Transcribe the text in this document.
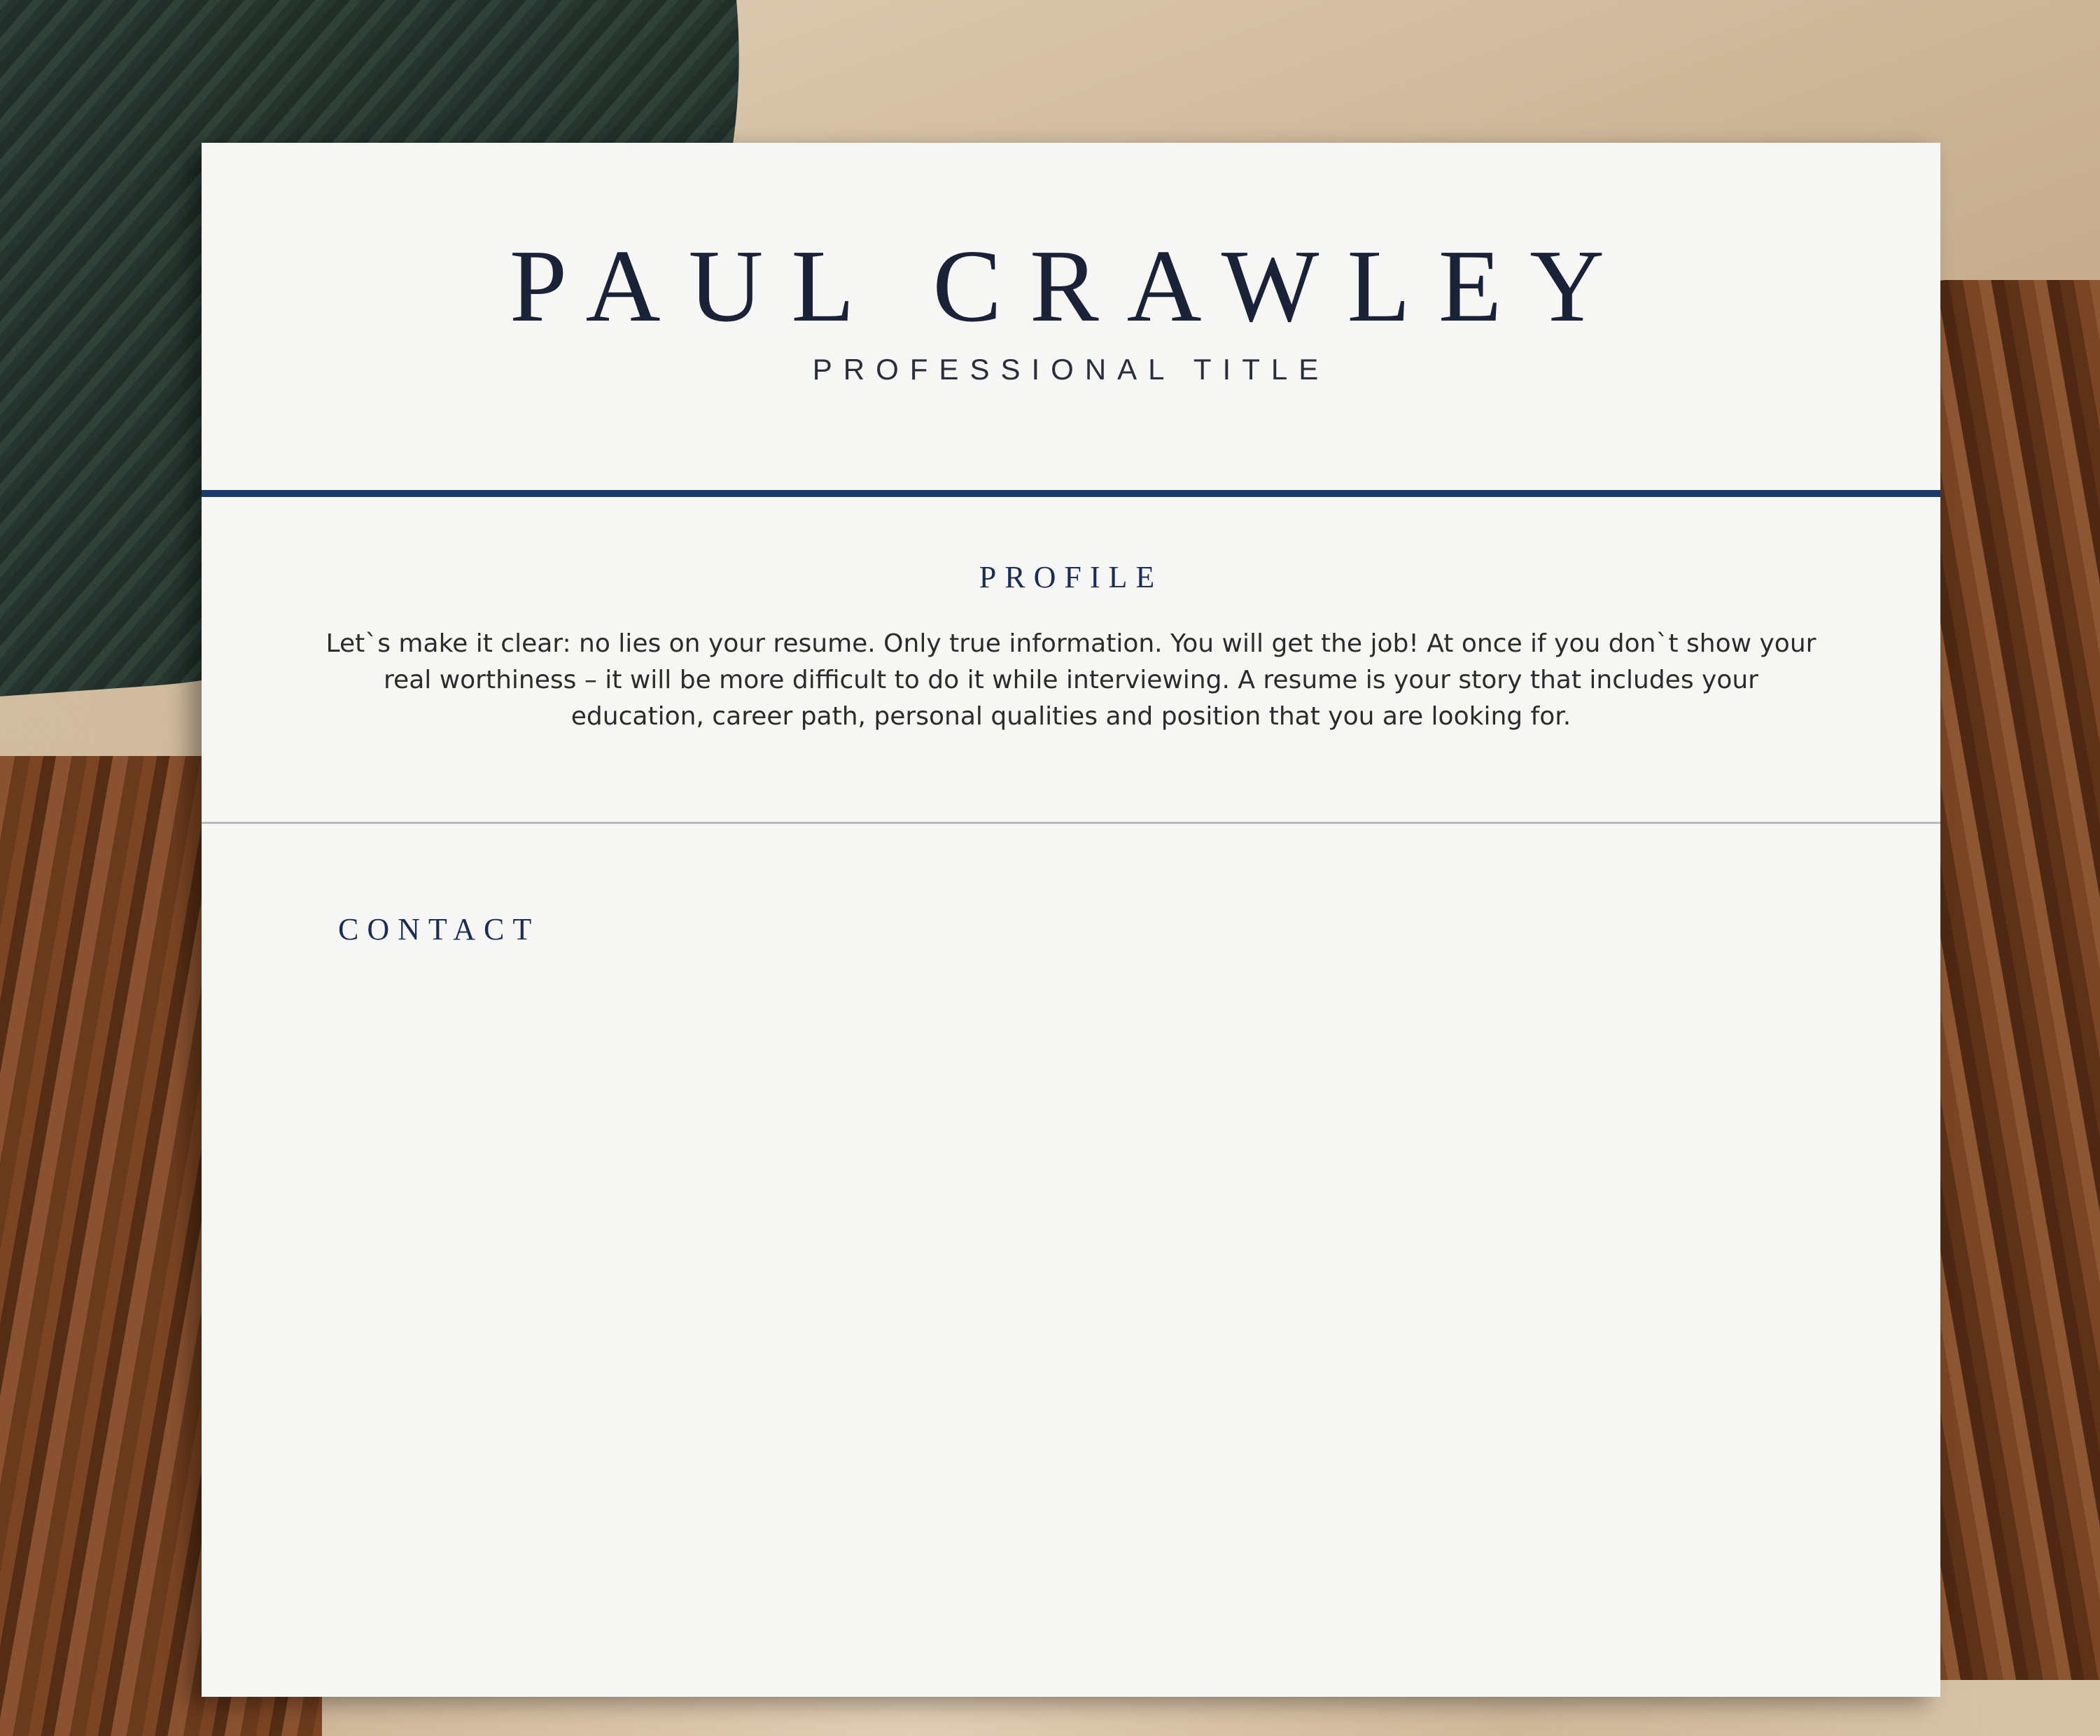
PAUL CRAWLEY
PROFESSIONAL TITLE
PROFILE
Let`s make it clear: no lies on your resume. Only true information. You will get the job! At once if you don`t show your real worthiness – it will be more difficult to do it while interviewing. A resume is your story that includes your education, career path, personal qualities and position that you are looking for.
CONTACT
